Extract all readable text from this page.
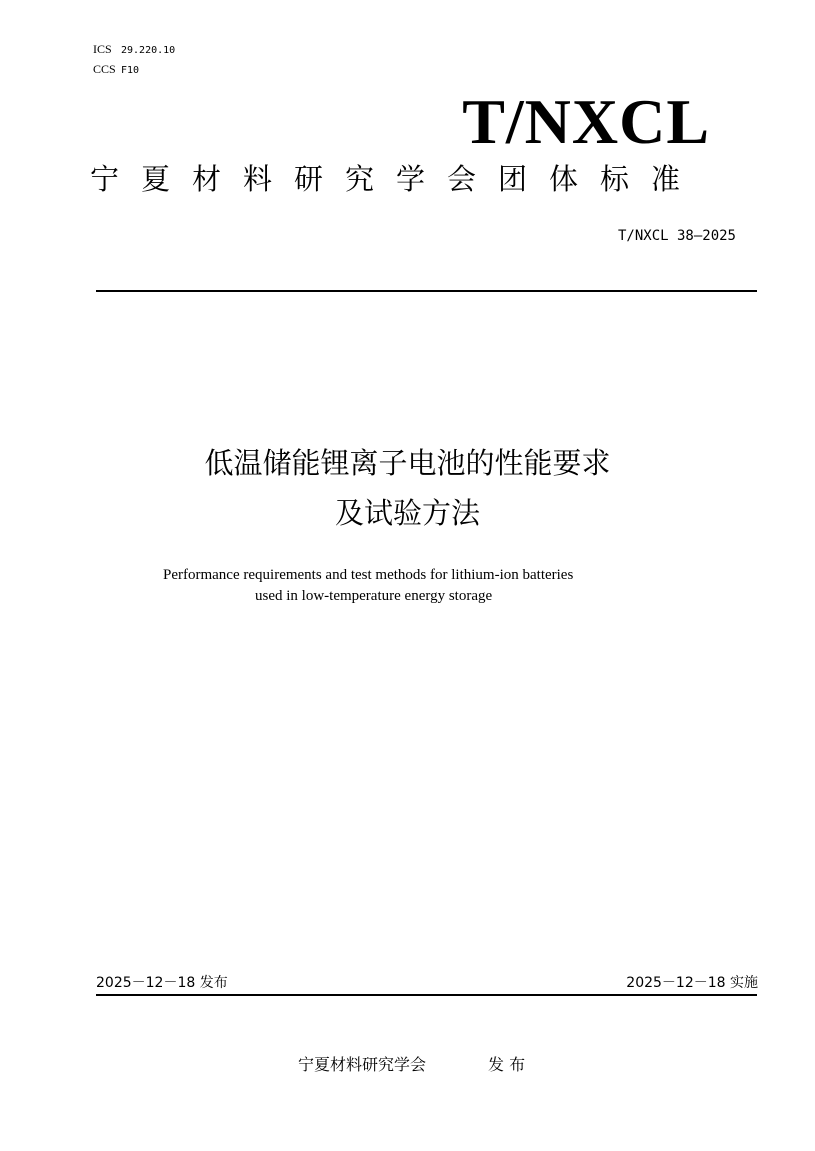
ICS 29.220.10
CCS F10
T/NXCL
宁夏材料研究学会团体标准
T/NXCL 38—2025
低温储能锂离子电池的性能要求
及试验方法
Performance requirements and test methods for lithium-ion batteries
used in low-temperature energy storage
2025－12－18 发布	2025－12－18 实施
宁夏材料研究学会	发 布
